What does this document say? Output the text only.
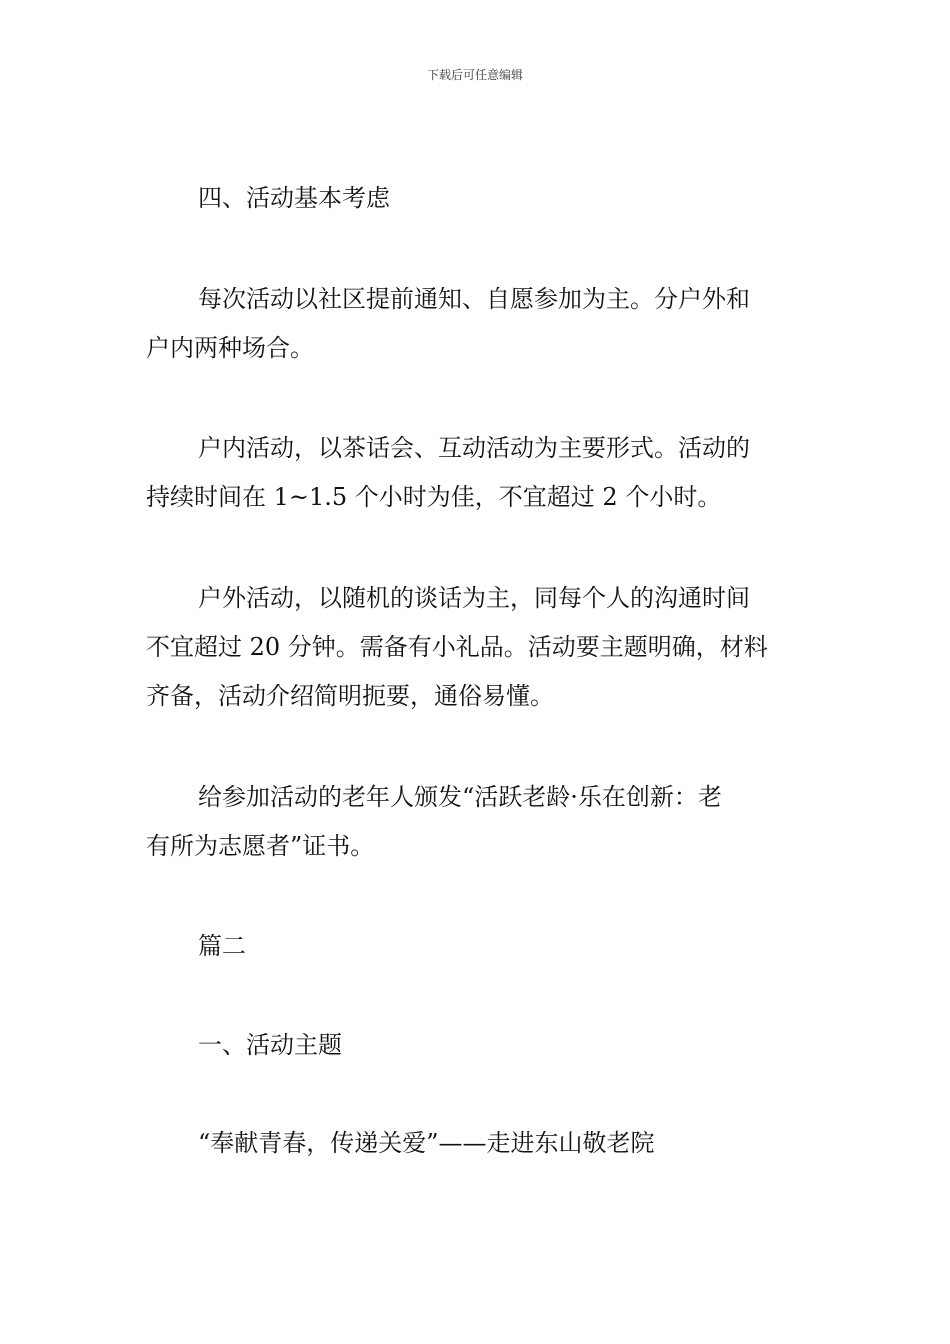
下载后可任意编辑
四、活动基本考虑
每次活动以社区提前通知、自愿参加为主。分户外和
户内两种场合。
户内活动，以茶话会、互动活动为主要形式。活动的
持续时间在 1~1.5 个小时为佳，不宜超过 2 个小时。
户外活动，以随机的谈话为主，同每个人的沟通时间
不宜超过 20 分钟。需备有小礼品。活动要主题明确，材料
齐备，活动介绍简明扼要，通俗易懂。
给参加活动的老年人颁发“活跃老龄·乐在创新：老
有所为志愿者”证书。
篇二
一、活动主题
“奉献青春，传递关爱”——走进东山敬老院
